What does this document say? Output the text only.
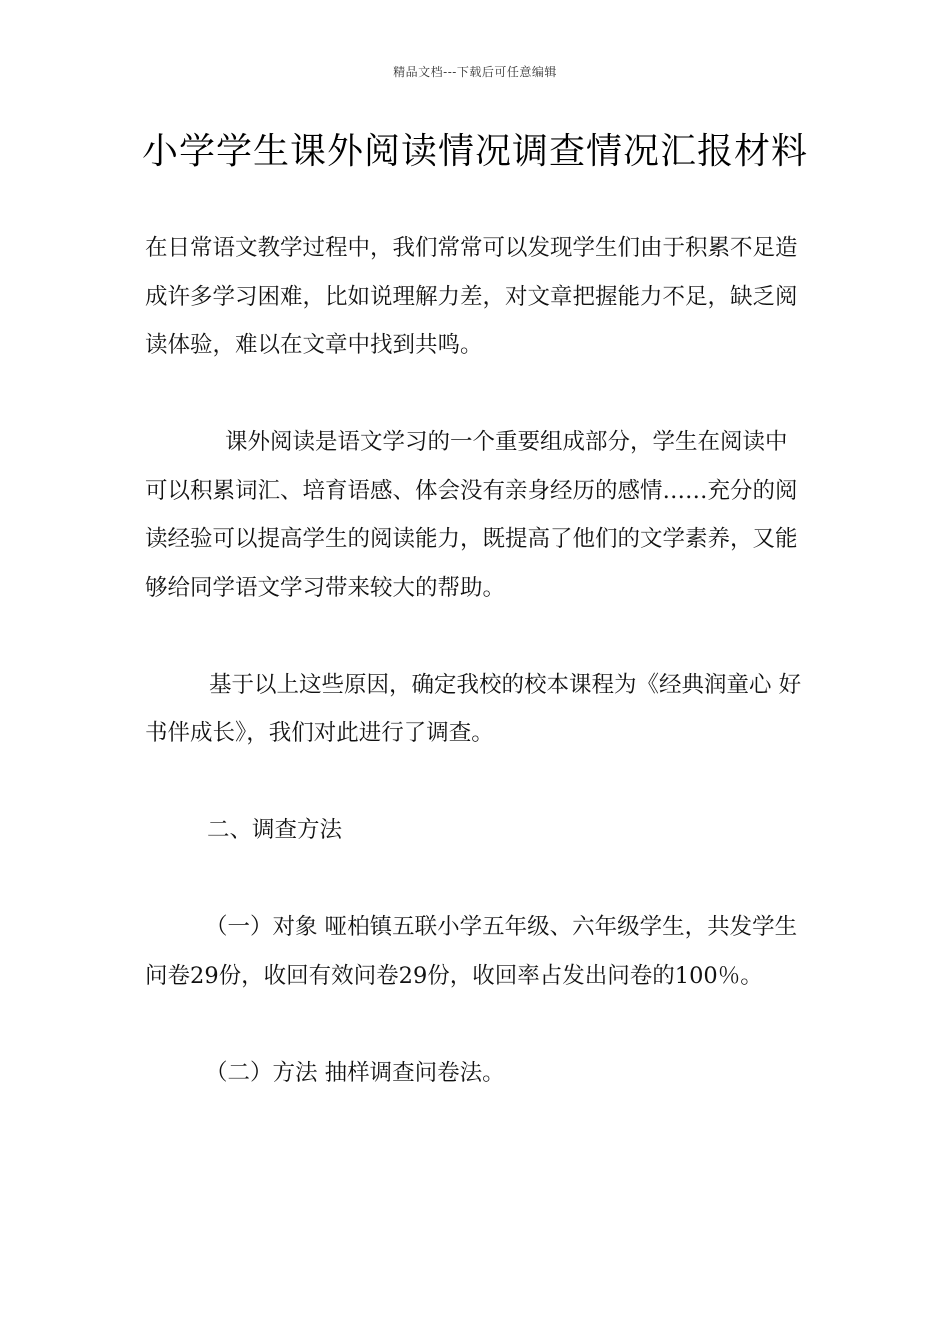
精品文档---下载后可任意编辑
小学学生课外阅读情况调查情况汇报材料

在日常语文教学过程中，我们常常可以发现学生们由于积累不足造成许多学习困难，比如说理解力差，对文章把握能力不足，缺乏阅读体验，难以在文章中找到共鸣。

课外阅读是语文学习的一个重要组成部分，学生在阅读中可以积累词汇、培育语感、体会没有亲身经历的感情……充分的阅读经验可以提高学生的阅读能力，既提高了他们的文学素养，又能够给同学语文学习带来较大的帮助。

基于以上这些原因，确定我校的校本课程为《经典润童心 好书伴成长》，我们对此进行了调查。

二、调查方法

（一）对象 哑柏镇五联小学五年级、六年级学生，共发学生问卷29份，收回有效问卷29份，收回率占发出问卷的100％。

（二）方法 抽样调查问卷法。
